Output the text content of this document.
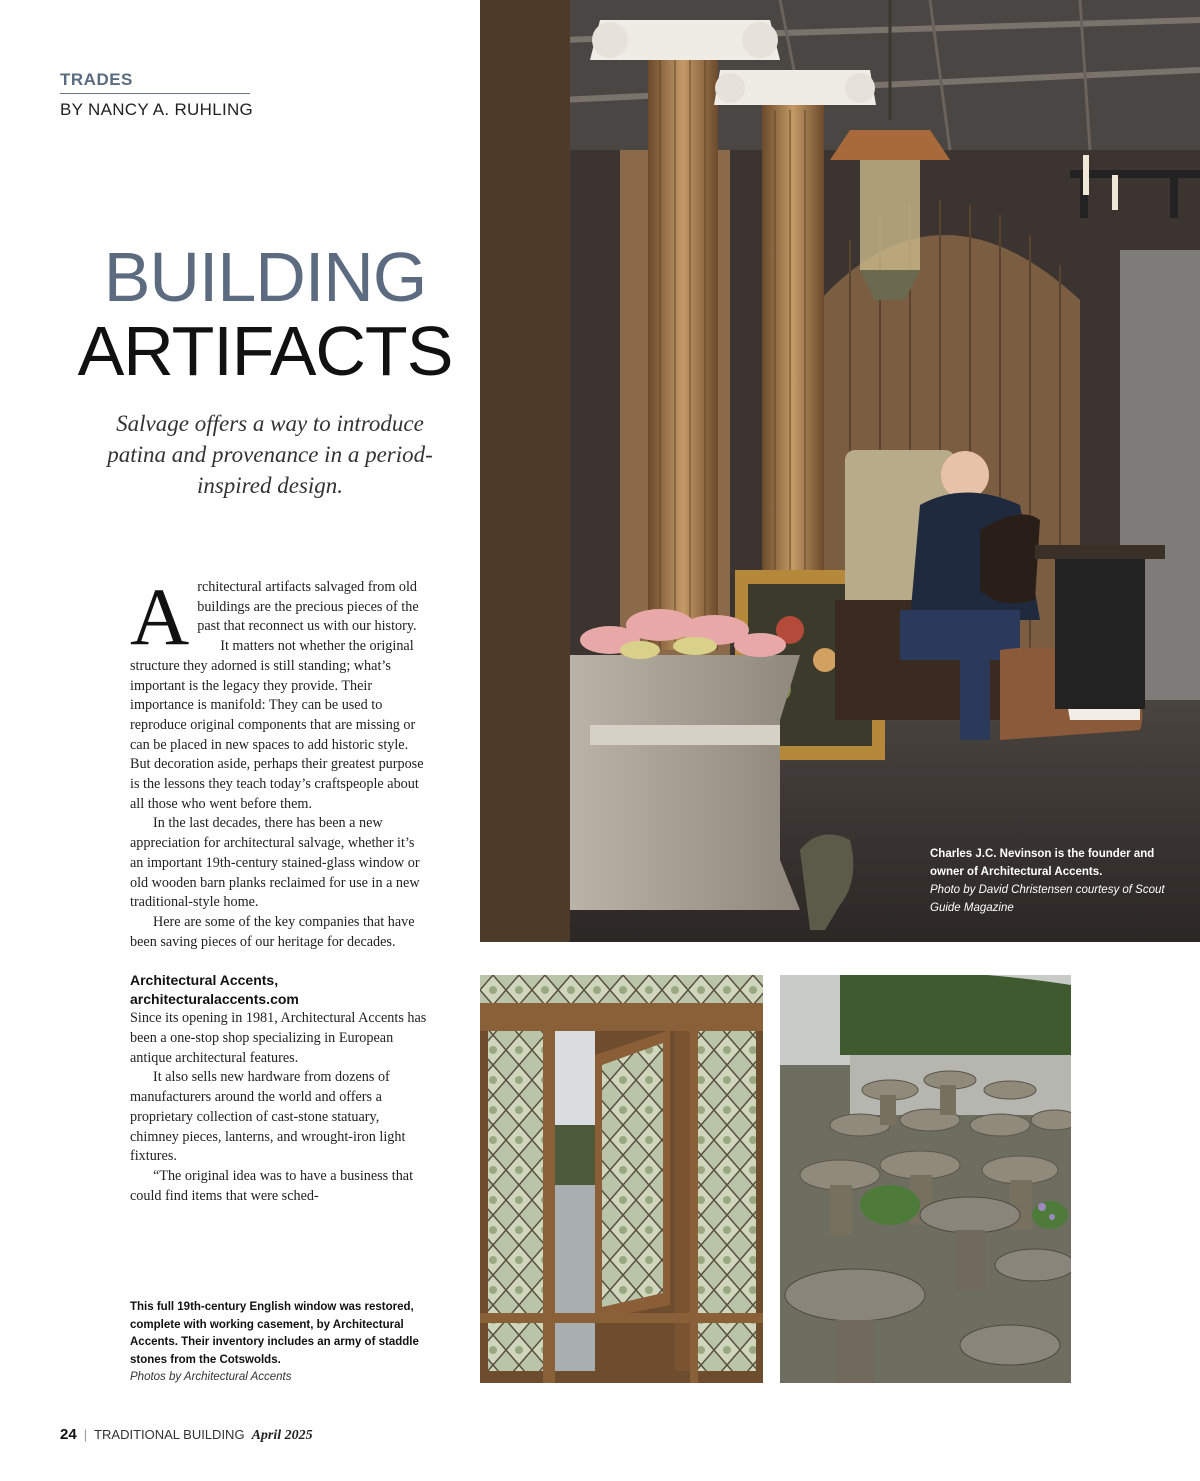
TRADES
BY NANCY A. RUHLING
BUILDING
ARTIFACTS
Salvage offers a way to introduce patina and provenance in a period-inspired design.

Architectural artifacts salvaged from old buildings are the precious pieces of the past that reconnect us with our history.

It matters not whether the original structure they adorned is still standing; what’s important is the legacy they provide. Their importance is manifold: They can be used to reproduce original components that are missing or can be placed in new spaces to add historic style. But decoration aside, perhaps their greatest purpose is the lessons they teach today’s craftspeople about all those who went before them.

In the last decades, there has been a new appreciation for architectural salvage, whether it’s an important 19th-century stained-glass window or old wooden barn planks reclaimed for use in a new traditional-style home.

Here are some of the key companies that have been saving pieces of our heritage for decades.

Architectural Accents,
architecturalaccents.com

Since its opening in 1981, Architectural Accents has been a one-stop shop specializing in European antique architectural features.

It also sells new hardware from dozens of manufacturers around the world and offers a proprietary collection of cast-stone statuary, chimney pieces, lanterns, and wrought-iron light fixtures.

“The original idea was to have a business that could find items that were sched-

This full 19th-century English window was restored, complete with working casement, by Architectural Accents. Their inventory includes an army of staddle stones from the Cotswolds.
Photos by Architectural Accents
24 | TRADITIONAL BUILDING April 2025
Charles J.C. Nevinson is the founder and owner of Architectural Accents.
Photo by David Christensen courtesy of Scout Guide Magazine
